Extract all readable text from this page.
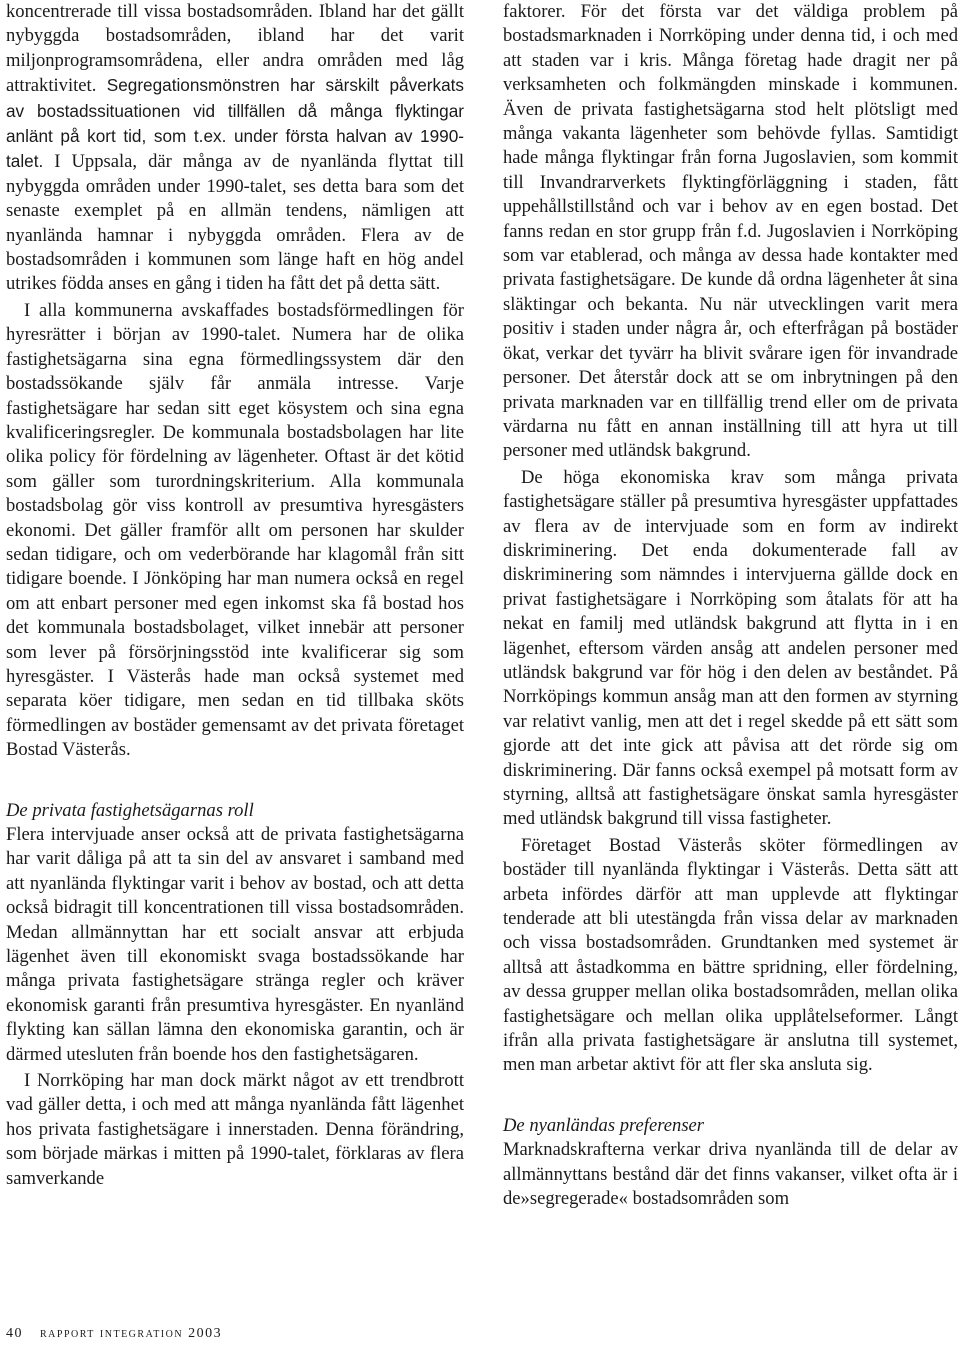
koncentrerade till vissa bostadsområden. Ibland har det gällt nybyggda bostadsområden, ibland har det varit miljonprogramsområdena, eller andra områden med låg attraktivitet. Segregationsmönstren har särskilt påverkats av bostadssituationen vid tillfällen då många flyktingar anlänt på kort tid, som t.ex. under första halvan av 1990-talet. I Uppsala, där många av de nyanlända flyttat till nybyggda områden under 1990-talet, ses detta bara som det senaste exemplet på en allmän tendens, nämligen att nyanlända hamnar i nybyggda områden. Flera av de bostadsområden i kommunen som länge haft en hög andel utrikes födda anses en gång i tiden ha fått det på detta sätt.

I alla kommunerna avskaffades bostadsförmedlingen för hyresrätter i början av 1990-talet. Numera har de olika fastighetsägarna sina egna förmedlingssystem där den bostadssökande själv får anmäla intresse. Varje fastighetsägare har sedan sitt eget kösystem och sina egna kvalificeringsregler. De kommunala bostadsbolagen har lite olika policy för fördelning av lägenheter. Oftast är det kötid som gäller som turordningskriterium. Alla kommunala bostadsbolag gör viss kontroll av presumtiva hyresgästers ekonomi. Det gäller framför allt om personen har skulder sedan tidigare, och om vederbörande har klagomål från sitt tidigare boende. I Jönköping har man numera också en regel om att enbart personer med egen inkomst ska få bostad hos det kommunala bostadsbolaget, vilket innebär att personer som lever på försörjningsstöd inte kvalificerar sig som hyresgäster. I Västerås hade man också systemet med separata köer tidigare, men sedan en tid tillbaka sköts förmedlingen av bostäder gemensamt av det privata företaget Bostad Västerås.

De privata fastighetsägarnas roll

Flera intervjuade anser också att de privata fastighetsägarna har varit dåliga på att ta sin del av ansvaret i samband med att nyanlända flyktingar varit i behov av bostad, och att detta också bidragit till koncentrationen till vissa bostadsområden. Medan allmännyttan har ett socialt ansvar att erbjuda lägenhet även till ekonomiskt svaga bostadssökande har många privata fastighetsägare stränga regler och kräver ekonomisk garanti från presumtiva hyresgäster. En nyanländ flykting kan sällan lämna den ekonomiska garantin, och är därmed utesluten från boende hos den fastighetsägaren.

I Norrköping har man dock märkt något av ett trendbrott vad gäller detta, i och med att många nyanlända fått lägenhet hos privata fastighetsägare i innerstaden. Denna förändring, som började märkas i mitten på 1990-talet, förklaras av flera samverkande

faktorer. För det första var det väldiga problem på bostadsmarknaden i Norrköping under denna tid, i och med att staden var i kris. Många företag hade dragit ner på verksamheten och folkmängden minskade i kommunen. Även de privata fastighetsägarna stod helt plötsligt med många vakanta lägenheter som behövde fyllas. Samtidigt hade många flyktingar från forna Jugoslavien, som kommit till Invandrarverkets flyktingförläggning i staden, fått uppehållstillstånd och var i behov av en egen bostad. Det fanns redan en stor grupp från f.d. Jugoslavien i Norrköping som var etablerad, och många av dessa hade kontakter med privata fastighetsägare. De kunde då ordna lägenheter åt sina släktingar och bekanta. Nu när utvecklingen varit mera positiv i staden under några år, och efterfrågan på bostäder ökat, verkar det tyvärr ha blivit svårare igen för invandrade personer. Det återstår dock att se om inbrytningen på den privata marknaden var en tillfällig trend eller om de privata värdarna nu fått en annan inställning till att hyra ut till personer med utländsk bakgrund.

De höga ekonomiska krav som många privata fastighetsägare ställer på presumtiva hyresgäster uppfattades av flera av de intervjuade som en form av indirekt diskriminering. Det enda dokumenterade fall av diskriminering som nämndes i intervjuerna gällde dock en privat fastighetsägare i Norrköping som åtalats för att ha nekat en familj med utländsk bakgrund att flytta in i en lägenhet, eftersom värden ansåg att andelen personer med utländsk bakgrund var för hög i den delen av beståndet. På Norrköpings kommun ansåg man att den formen av styrning var relativt vanlig, men att det i regel skedde på ett sätt som gjorde att det inte gick att påvisa att det rörde sig om diskriminering. Där fanns också exempel på motsatt form av styrning, alltså att fastighetsägare önskat samla hyresgäster med utländsk bakgrund till vissa fastigheter.

Företaget Bostad Västerås sköter förmedlingen av bostäder till nyanlända flyktingar i Västerås. Detta sätt att arbeta infördes därför att man upplevde att flyktingar tenderade att bli utestängda från vissa delar av marknaden och vissa bostadsområden. Grundtanken med systemet är alltså att åstadkomma en bättre spridning, eller fördelning, av dessa grupper mellan olika bostadsområden, mellan olika fastighetsägare och mellan olika upplåtelseformer. Långt ifrån alla privata fastighetsägare är anslutna till systemet, men man arbetar aktivt för att fler ska ansluta sig.

De nyanländas preferenser

Marknadskrafterna verkar driva nyanlända till de delar av allmännyttans bestånd där det finns vakanser, vilket ofta är i de»segregerade« bostadsområden som

40 rapport integration 2003
